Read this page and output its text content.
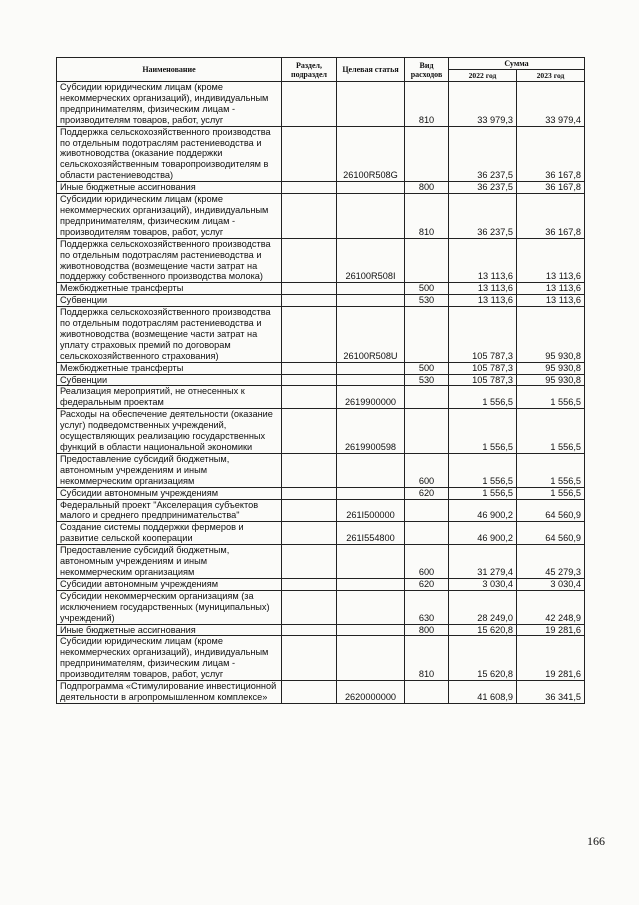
Наименование	Раздел, подраздел	Целевая статья	Вид расходов	Сумма	
				2022 год	2023 год
Субсидии юридическим лицам (кроме некоммерческих организаций), индивидуальным предпринимателям, физическим лицам - производителям товаров, работ, услуг			810	33 979,3	33 979,4
Поддержка сельскохозяйственного производства по отдельным подотраслям растениеводства и животноводства (оказание поддержки сельскохозяйственным товаропроизводителям в области растениеводства)		26100R508G		36 237,5	36 167,8
Иные бюджетные ассигнования			800	36 237,5	36 167,8
Субсидии юридическим лицам (кроме некоммерческих организаций), индивидуальным предпринимателям, физическим лицам - производителям товаров, работ, услуг			810	36 237,5	36 167,8
Поддержка сельскохозяйственного производства по отдельным подотраслям растениеводства и животноводства (возмещение части затрат на поддержку собственного производства молока)		26100R508I		13 113,6	13 113,6
Межбюджетные трансферты			500	13 113,6	13 113,6
Субвенции			530	13 113,6	13 113,6
Поддержка сельскохозяйственного производства по отдельным подотраслям растениеводства и животноводства (возмещение части затрат на уплату страховых премий по договорам сельскохозяйственного страхования)		26100R508U		105 787,3	95 930,8
Межбюджетные трансферты			500	105 787,3	95 930,8
Субвенции			530	105 787,3	95 930,8
Реализация мероприятий, не отнесенных к федеральным проектам		2619900000		1 556,5	1 556,5
Расходы на обеспечение деятельности (оказание услуг) подведомственных учреждений, осуществляющих реализацию государственных функций в области национальной экономики		2619900598		1 556,5	1 556,5
Предоставление субсидий бюджетным, автономным учреждениям и иным некоммерческим организациям			600	1 556,5	1 556,5
Субсидии автономным учреждениям			620	1 556,5	1 556,5
Федеральный проект "Акселерация субъектов малого и среднего предпринимательства"		261I500000		46 900,2	64 560,9
Создание системы поддержки фермеров и развитие сельской кооперации		261I554800		46 900,2	64 560,9
Предоставление субсидий бюджетным, автономным учреждениям и иным некоммерческим организациям			600	31 279,4	45 279,3
Субсидии автономным учреждениям			620	3 030,4	3 030,4
Субсидии некоммерческим организациям (за исключением государственных (муниципальных) учреждений)			630	28 249,0	42 248,9
Иные бюджетные ассигнования			800	15 620,8	19 281,6
Субсидии юридическим лицам (кроме некоммерческих организаций), индивидуальным предпринимателям, физическим лицам - производителям товаров, работ, услуг			810	15 620,8	19 281,6
Подпрограмма «Стимулирование инвестиционной деятельности в агропромышленном комплексе»		2620000000		41 608,9	36 341,5
166
